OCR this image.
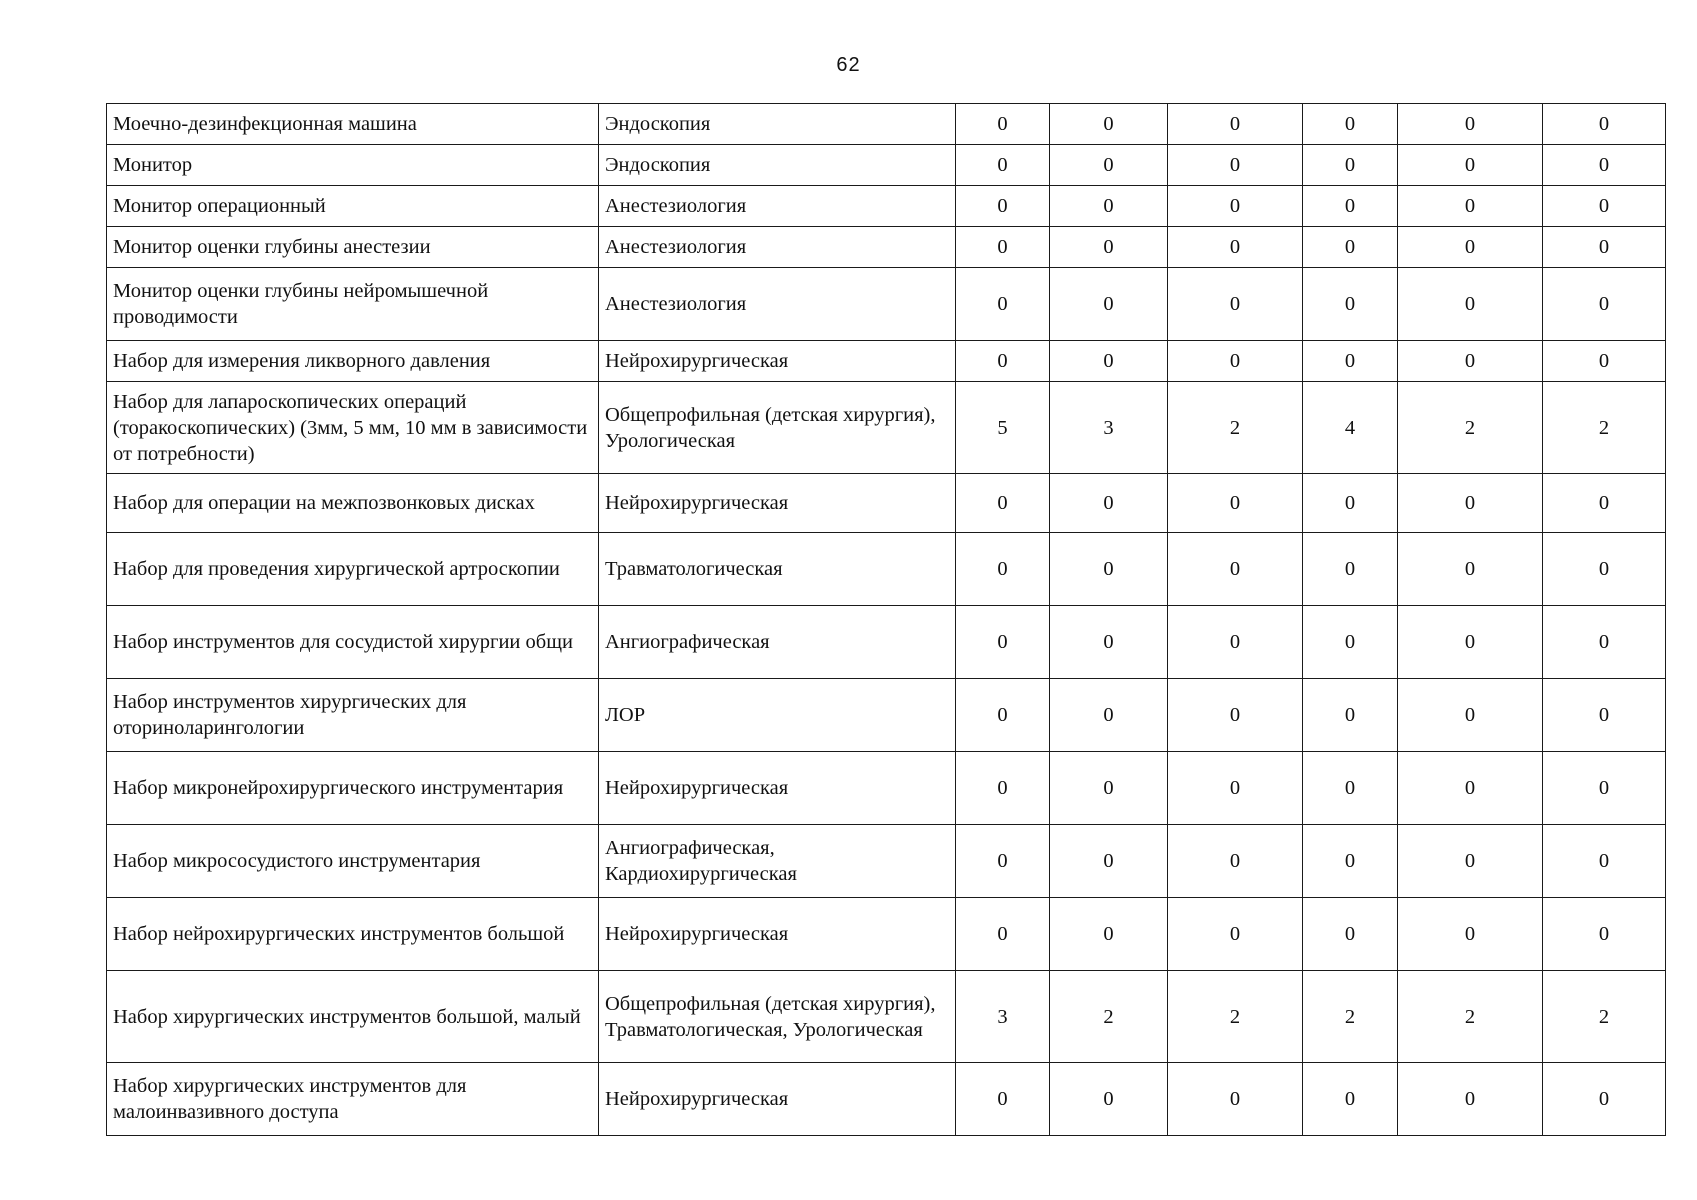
62
Моечно-дезинфекционная машина	Эндоскопия	0	0	0	0	0	0
Монитор	Эндоскопия	0	0	0	0	0	0
Монитор операционный	Анестезиология	0	0	0	0	0	0
Монитор оценки глубины анестезии	Анестезиология	0	0	0	0	0	0
Монитор оценки глубины нейромышечной проводимости	Анестезиология	0	0	0	0	0	0
Набор для измерения ликворного давления	Нейрохирургическая	0	0	0	0	0	0
Набор для лапароскопических операций (торакоскопических) (3мм, 5 мм, 10 мм в зависимости от потребности)	Общепрофильная (детская хирургия), Урологическая	5	3	2	4	2	2
Набор для операции на межпозвонковых дисках	Нейрохирургическая	0	0	0	0	0	0
Набор для проведения хирургической артроскопии	Травматологическая	0	0	0	0	0	0
Набор инструментов для сосудистой хирургии общи	Ангиографическая	0	0	0	0	0	0
Набор инструментов хирургических для оториноларингологии	ЛОР	0	0	0	0	0	0
Набор микронейрохирургического инструментария	Нейрохирургическая	0	0	0	0	0	0
Набор микрососудистого инструментария	Ангиографическая, Кардиохирургическая	0	0	0	0	0	0
Набор нейрохирургических инструментов большой	Нейрохирургическая	0	0	0	0	0	0
Набор хирургических инструментов большой, малый	Общепрофильная (детская хирургия), Травматологическая, Урологическая	3	2	2	2	2	2
Набор хирургических инструментов для малоинвазивного доступа	Нейрохирургическая	0	0	0	0	0	0
